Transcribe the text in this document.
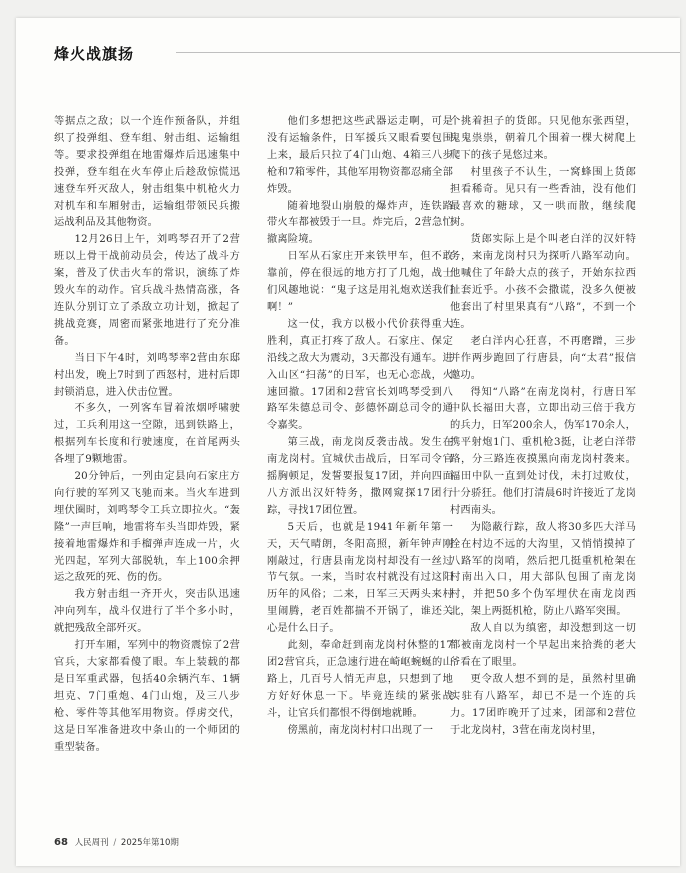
烽火战旗扬

等据点之敌；以一个连作预备队，并组织了投弹组、登车组、射击组、运输组等。要求投弹组在地雷爆炸后迅速集中投弹，登车组在火车停止后趁敌惊慌迅速登车歼灭敌人，射击组集中机枪火力对机车和车厢射击，运输组带领民兵搬运战利品及其他物资。

12月26日上午，刘鸣琴召开了2营班以上骨干战前动员会，传达了战斗方案，普及了伏击火车的常识，演练了炸毁火车的动作。官兵战斗热情高涨，各连队分别订立了杀敌立功计划，掀起了挑战竞赛，周密而紧张地进行了充分准备。

当日下午4时，刘鸣琴率2营由东邸村出发，晚上7时到了西怒村，进村后即封锁消息，进入伏击位置。

不多久，一列客车冒着浓烟呼啸驶过，工兵利用这一空隙，迅到铁路上，根据列车长度和行驶速度，在首尾两头各埋了9颗地雷。

20分钟后，一列由定县向石家庄方向行驶的军列又飞驰而来。当火车进到埋伏圈时，刘鸣琴令工兵立即拉火。“轰隆”一声巨响，地雷将车头当即炸毁，紧接着地雷爆炸和手榴弹声连成一片，火光四起，军列大部脱轨，车上100余押运之敌死的死、伤的伤。

我方射击组一齐开火，突击队迅速冲向列车，战斗仅进行了半个多小时，就把残敌全部歼灭。

打开车厢，军列中的物资震惊了2营官兵，大家都看傻了眼。车上装载的都是日军重武器，包括40余辆汽车、1辆坦克、7门重炮、4门山炮，及三八步枪、零件等其他军用物资。俘虏交代，这是日军准备进攻中条山的一个师团的重型装备。

他们多想把这些武器运走啊，可是没有运输条件，日军援兵又眼看要包围上来，最后只拉了4门山炮、4箱三八步枪和7箱零件，其他军用物资都忍痛全部炸毁。

随着地裂山崩般的爆炸声，连铁路带火车都被毁于一旦。炸完后，2营急忙撤离险境。

日军从石家庄开来铁甲车，但不敢靠前，停在很远的地方打了几炮，战士们风趣地说：“鬼子这是用礼炮欢送我们啊！”

这一仗，我方以极小代价获得重大胜利，真正打疼了敌人。石家庄、保定沿线之敌大为震动，3天都没有通车。进入山区“扫荡”的日军，也无心恋战，火速回撤。17团和2营官长刘鸣琴受到八路军朱德总司令、彭德怀副总司令的通令嘉奖。

第三战，南龙岗反袭击战。发生在南龙岗村。宜城伏击战后，日军司令官摇胸顿足，发誓要报复17团，并向四面八方派出汉奸特务，撒网窥探17团行踪，寻找17团位置。

5天后，也就是1941年新年第一天，天气晴朗，冬阳高照，新年钟声刚刚敲过，行唐县南龙岗村却没有一丝过节气氛。一来，当时农村就没有过这阳历年的风俗；二来，日军三天两头来村里闹腾，老百姓都揣不开锅了，谁还关心是什么日子。

此刻，奉命赶到南龙岗村休整的17团2营官兵，正急速行进在崎岖蜿蜒的山路上，几百号人悄无声息，只想到了地方好好休息一下。毕竟连续的紧张战斗，让官兵们都恨不得倒地就睡。

傍黑前，南龙岗村村口出现了一

个挑着担子的货郎。只见他东张西望，鬼鬼祟祟，朝着几个围着一棵大树爬上爬下的孩子晃悠过来。

村里孩子不认生，一窝蜂围上货郎担看稀奇。见只有一些香油，没有他们最喜欢的糖球，又一哄而散，继续爬树。

货郎实际上是个叫老白洋的汉奸特务，来南龙岗村只为探听八路军动向。他喊住了年龄大点的孩子，开始东拉西扯套近乎。小孩不会撒谎，没多久便被他套出了村里果真有“八路”，不到一个连。

老白洋内心狂喜，不再磨蹭，三步并作两步跑回了行唐县，向“太君”报信邀功。

得知“八路”在南龙岗村，行唐日军中队长福田大喜，立即出动三倍于我方的兵力，日军200余人，伪军170余人，携平射炮1门、重机枪3挺，让老白洋带路，分三路连夜摸黑向南龙岗村袭来。福田中队一直到处讨伐，未打过败仗，十分骄狂。他们打清晨6时许接近了龙岗村西南头。

为隐蔽行踪，敌人将30多匹大洋马拴在村边不远的大沟里，又悄悄摸掉了八路军的岗哨，然后把几挺重机枪架在村南出入口，用大部队包围了南龙岗村，并把50多个伪军埋伏在南龙岗西北，架上两挺机枪，防止八路军突围。

敌人自以为缜密，却没想到这一切都被南龙岗村一个早起出来拾粪的老大爷看在了眼里。

更令敌人想不到的是，虽然村里确实驻有八路军，却已不是一个连的兵力。17团昨晚开了过来，团部和2营位于北龙岗村，3营在南龙岗村里，

68 人民周刊 / 2025年第10期
